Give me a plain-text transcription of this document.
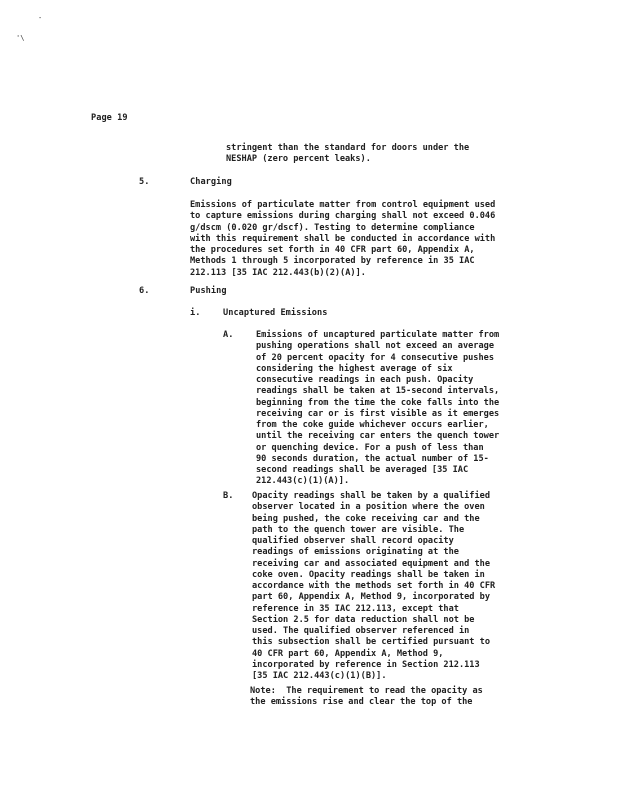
-
'\
Page 19
stringent than the standard for doors under the
NESHAP (zero percent leaks).
5.	Charging
Emissions of particulate matter from control equipment used
to capture emissions during charging shall not exceed 0.046
g/dscm (0.020 gr/dscf). Testing to determine compliance
with this requirement shall be conducted in accordance with
the procedures set forth in 40 CFR part 60, Appendix A,
Methods 1 through 5 incorporated by reference in 35 IAC
212.113 [35 IAC 212.443(b)(2)(A)].
6.	Pushing
i.	Uncaptured Emissions
A.	Emissions of uncaptured particulate matter from
pushing operations shall not exceed an average
of 20 percent opacity for 4 consecutive pushes
considering the highest average of six
consecutive readings in each push. Opacity
readings shall be taken at 15-second intervals,
beginning from the time the coke falls into the
receiving car or is first visible as it emerges
from the coke guide whichever occurs earlier,
until the receiving car enters the quench tower
or quenching device. For a push of less than
90 seconds duration, the actual number of 15-
second readings shall be averaged [35 IAC
212.443(c)(1)(A)].
B. Opacity readings shall be taken by a qualified
observer located in a position where the oven
being pushed, the coke receiving car and the
path to the quench tower are visible. The
qualified observer shall record opacity
readings of emissions originating at the
receiving car and associated equipment and the
coke oven. Opacity readings shall be taken in
accordance with the methods set forth in 40 CFR
part 60, Appendix A, Method 9, incorporated by
reference in 35 IAC 212.113, except that
Section 2.5 for data reduction shall not be
used. The qualified observer referenced in
this subsection shall be certified pursuant to
40 CFR part 60, Appendix A, Method 9,
incorporated by reference in Section 212.113
[35 IAC 212.443(c)(1)(B)].
Note:  The requirement to read the opacity as
the emissions rise and clear the top of the
